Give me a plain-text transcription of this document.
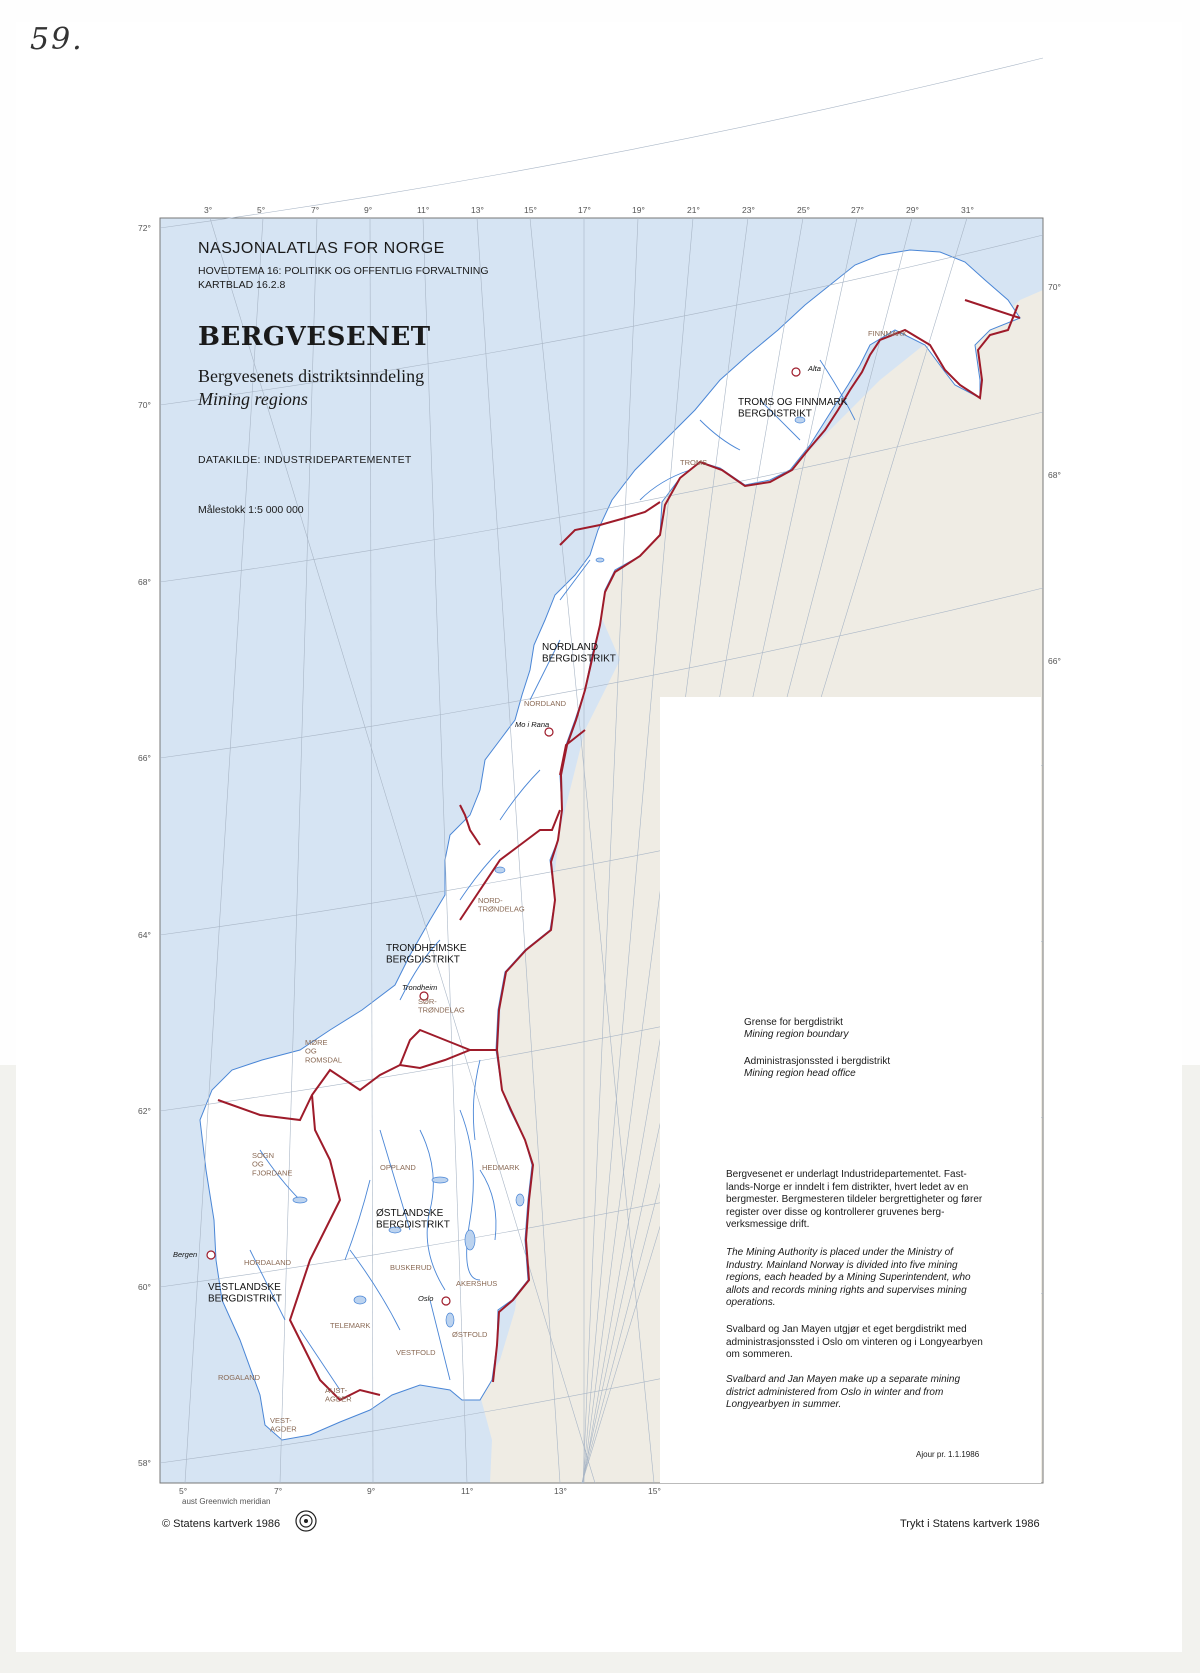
59.
3°	5°	7°	9°	11°	13°	15°	17°	19°	21°	23°	25°	27°	29°	31°
5°	7°	9°	11°	13°	15°
72°
70°
68°
66°
64°
62°
60°
58°
70°
68°
66°
TROMS OG FINNMARK BERGDISTRIKT
NORDLAND BERGDISTRIKT
TRONDHEIMSKE BERGDISTRIKT
ØSTLANDSKE BERGDISTRIKT
VESTLANDSKE BERGDISTRIKT
Alta
Mo i Rana
Trondheim
Bergen
Oslo
FINNMARK
TROMS
NORDLAND
NORD-TRØNDELAG
SØR-TRØNDELAG
MØRE OG ROMSDAL
SOGN OG FJORDANE
OPPLAND	HEDMARK
HORDALAND
BUSKERUD
AKERSHUS
TELEMARK
VESTFOLD
ØSTFOLD
ROGALAND
AUST-AGDER
VEST-AGDER

NASJONALATLAS FOR NORGE

HOVEDTEMA 16: POLITIKK OG OFFENTLIG FORVALTNING

KARTBLAD 16.2.8

BERGVESENET

Bergvesenets distriktsinndeling

Mining regions

DATAKILDE: INDUSTRIDEPARTEMENTET

Målestokk 1:5 000 000

Grense for bergdistrikt
Mining region boundary
Administrasjonssted i bergdistrikt
Mining region head office

Bergvesenet er underlagt Industridepartementet. Fast-lands-Norge er inndelt i fem distrikter, hvert ledet av en bergmester. Bergmesteren tildeler bergrettigheter og fører register over disse og kontrollerer gruvenes berg-verksmessige drift.

The Mining Authority is placed under the Ministry of Industry. Mainland Norway is divided into five mining regions, each headed by a Mining Superintendent, who allots and records mining rights and supervises mining operations.

Svalbard og Jan Mayen utgjør et eget bergdistrikt med administrasjonssted i Oslo om vinteren og i Longyearbyen om sommeren.

Svalbard and Jan Mayen make up a separate mining district administered from Oslo in winter and from Longyearbyen in summer.

Ajour pr. 1.1.1986
aust Greenwich meridian
© Statens kartverk 1986	Trykt i Statens kartverk 1986
